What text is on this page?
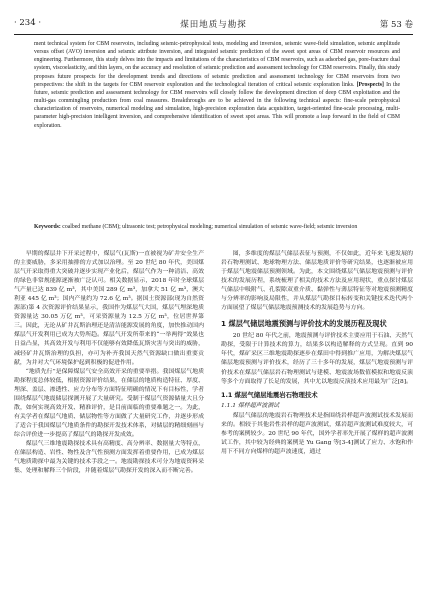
· 234 ·	煤田地质与勘探	第 53 卷
ment technical system for CBM reservoirs, including seismic-petrophysical tests, modeling and inversion, seismic wave-field simulation, seismic amplitude versus offset (AVO) inversion and seismic attribute inversion, and integrated seismic prediction of the sweet spot areas of CBM reservoir resources and engineering. Furthermore, this study delves into the impacts and limitations of the characteristics of CBM reservoirs, such as adsorbed gas, pore-fracture dual system, viscoelasticity, and thin layers, on the accuracy and resolution of seismic prediction and assessment technology for CBM reservoirs. Finally, this study proposes future prospects for the development trends and directions of seismic prediction and assessment technology for CBM reservoirs from two perspectives: the shift in the targets for CBM reservoir exploration and the technological iteration of critical seismic exploration links. [Prospects] In the future, seismic prediction and assessment technology for CBM reservoirs will closely follow the development direction of deep CBM exploitation and the multi-gas commingling production from coal measures. Breakthroughs are to be achieved in the following technical aspects: fine-scale petrophysical characterization of reservoirs, numerical modeling and simulation, high-precision exploration data acquisition, target-oriented fine-scale processing, multi-parameter high-precision intelligent inversion, and comprehensive identification of sweet spot areas. This will promote a leap forward in the field of CBM exploration.
Keywords: coalbed methane (CBM); ultrasonic test; petrophysical modeling; numerical simulation of seismic wave-field; seismic inversion

早期的煤层井下开采过程中，煤层气(瓦斯)一直被视为矿井安全生产的主要威胁，多采用抽排的方式加以治理。至 20 世纪 80 年代，美国煤层气开采取得重大突破并逐步实现产业化后，煤层气作为一种清洁、高效的绿色非常规能源逐渐被广泛认可。相关数据显示，2018 年时全球煤层气产量已达 839 亿 m³，其中美国 289 亿 m³，加拿大 51 亿 m³，澳大利亚 445 亿 m³；国内产量约为 72.6 亿 m³。据国土资源部(现为自然资源部)第 4 次资源评价结果显示，我国作为煤层气大国，煤层气埋深地质资源量达 30.05 万亿 m³，可采资源量为 12.5 万亿 m³，位居世界第三。因此，无论从矿井瓦斯治理还是清洁能源发展的角度，加快推动国内煤层气开发利用已成为大势所趋。煤层气开发所带来的“一举两得”效果也日益凸显，其高效开发与利用不仅能够有效降低瓦斯灾害与突出的威胁，减轻矿井瓦斯治理的负担，亦可为补齐我国天然气资源缺口做出重要贡献，为并对大气环境保护起到积极的促进作用。

“地质先行”是保障煤层气安全高效开采的重要举措。我国煤层气地质勘探程度总体较低，根据资源评价结果，在储层的地质构造特征、厚度、埋深、盖层、渗透性、应力分布等方面特征明确的情况下有目标性，学者围绕煤层气地震储层探测开展了大量研究。受制于煤层气资源储量大且分散，如何实现高效开发、精准评价，是目前面临的重要难题之一。为此，有关学者在煤层气地质、储层物性等方面做了大量研究工作，并逐步形成了适合于我国煤层气地质条件的勘探开发技术体系，对储层的精细刻画与综合评价进一步提高了煤层气的勘探开发成效。

煤层气三维地震勘探技术具有高精度、高分辨率、数据量大等特点，在储层构造、岩性、物性及含气性预测方面发挥着重要作用，已成为煤层气地质勘探中最为关键的技术手段之一。地震勘探技术可分为地震资料采集、处理和解释三个阶段，并随着煤层气勘探开发的深入而不断完善。

图，多维度的煤层气储层表征与预测，不仅如此，近年来飞速发展的岩石物理测试、地球物理方法、储层地质评价等研究结果，也逐渐被应用于煤层气地震储层预测领域。为此，本文围绕煤层气储层地震预测与评价技术的发展历程，系统梳理了相关的技术方法及应用现状，重点探讨煤层气储层中吸附气、孔裂隙双重介质、黏弹性与薄层特征等对地震预测精度与分辨率的影响及局限性，并从煤层气勘探目标转变和关键技术迭代两个方面展望了煤层气储层地震预测技术的发展趋势与方向。

1 煤层气储层地震预测与评价技术的发展历程及现状

20 世纪 80 年代之前，地震预测与评价技术主要应用于石油、天然气勘探，受限于计算技术的算力，结果多以构造解释的方式呈现。直到 90 年代，煤矿采区三维地震勘探逐步在煤田中得到推广应用，为解决煤层气储层地震预测与评价技术，经历了三十多年的发展，煤层气地震预测与评价技术在煤层气储层岩石物理测试与建模、地震波场数值模拟和地震反演等多个方面取得了长足的发展，其中尤以地震反演技术应用最为广泛[8]。

1.1 煤层气储层地震岩石物理技术
1.1.1 煤样超声波测试

煤层气储层的地震岩石物理技术是指围绕岩样超声波测试技术发展而来的。相较于其他岩性岩样的超声波测试，煤岩超声波测试难度较大，可参考的案例较少。20 世纪 90 年代，国外学者率先开展了煤样的超声波测试工作，其中较为经典的案例是 Yu Gang 等[3-4]测试了应力、水饱和作用下不同方向煤样的超声波速度，通过
